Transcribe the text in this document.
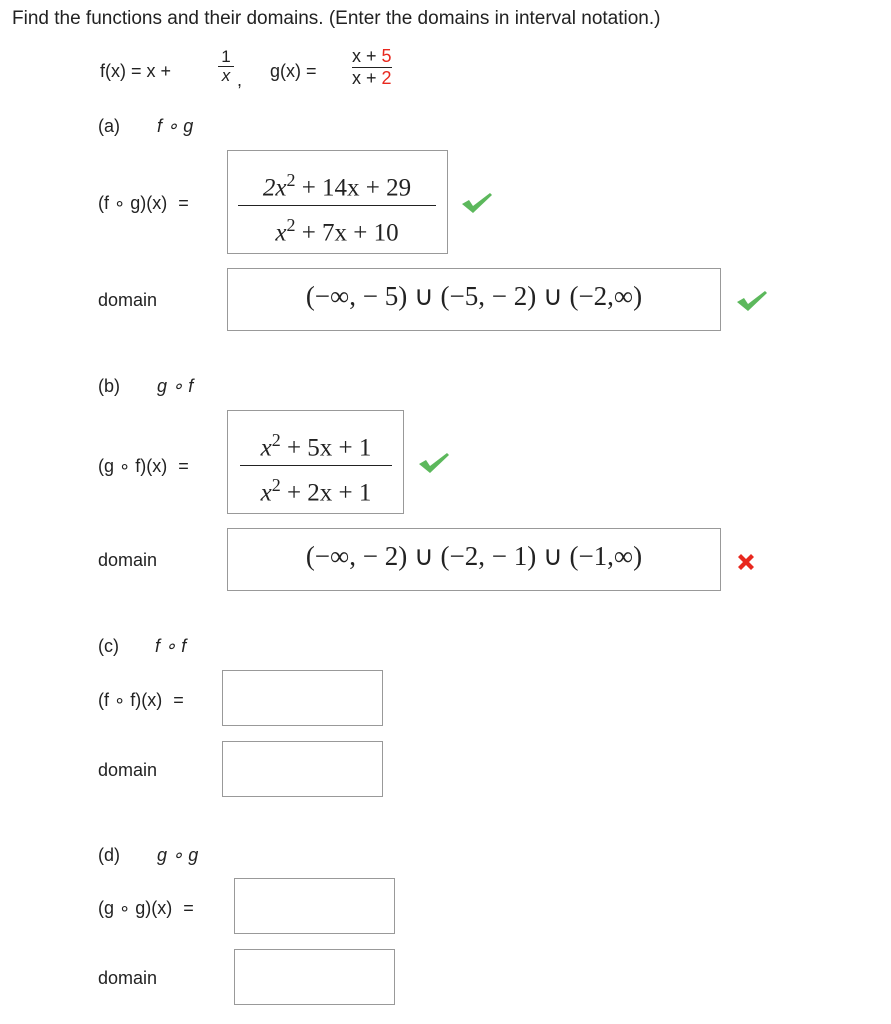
Find the functions and their domains. (Enter the domains in interval notation.)
f(x) = x +
1
x , g(x) =
x + 5
x + 2
(a) f ∘ g
(f ∘ g)(x) =
$2x^2 + 14x + 29$
$x^2 + 7x + 10$
domain	(−∞, − 5) ∪ (−5, − 2) ∪ (−2,∞)
(b) g ∘ f
(g ∘ f)(x) =
$x^2 + 5x + 1$
$x^2 + 2x + 1$
domain	(−∞, − 2) ∪ (−2, − 1) ∪ (−1,∞)
(c) f ∘ f
(f ∘ f)(x) =
domain
(d) g ∘ g
(g ∘ g)(x) =
domain
